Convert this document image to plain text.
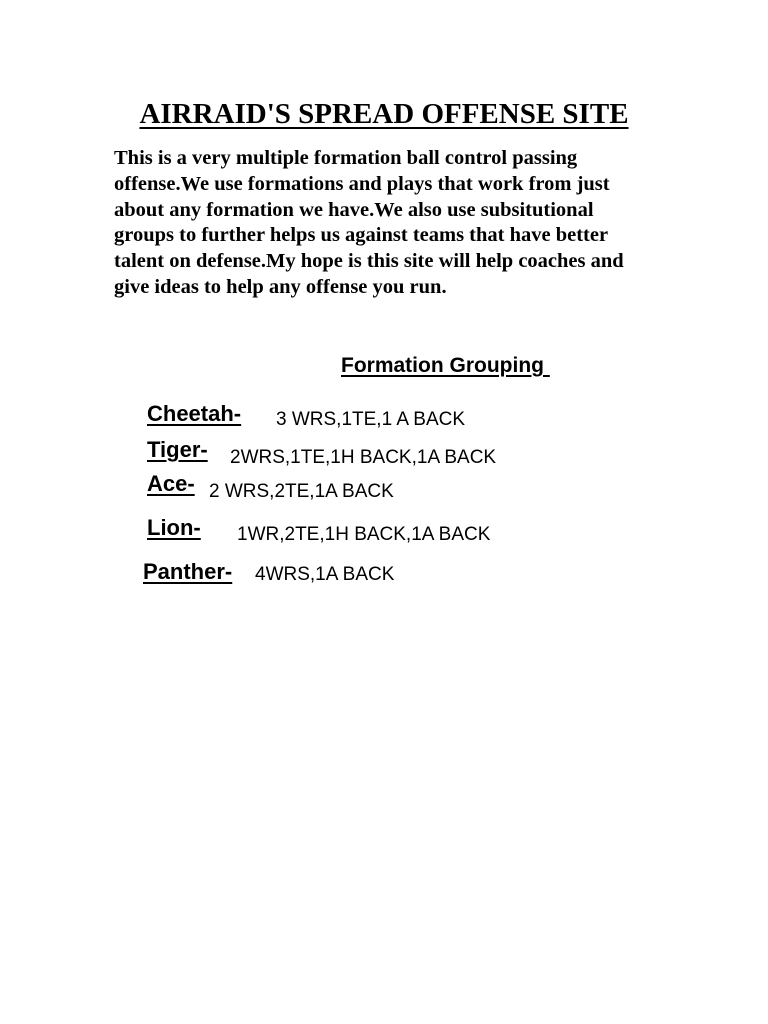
AIRRAID'S SPREAD OFFENSE SITE

This is a very multiple formation ball control passing offense.We use formations and plays that work from just about any formation we have.We also use subsitutional groups to further helps us against teams that have better talent on defense.My hope is this site will help coaches and give ideas to help any offense you run.

Formation Grouping
Cheetah- 3 WRS,1TE,1 A BACK
Tiger- 2WRS,1TE,1H BACK,1A BACK
Ace- 2 WRS,2TE,1A BACK
Lion- 1WR,2TE,1H BACK,1A BACK
Panther- 4WRS,1A BACK
